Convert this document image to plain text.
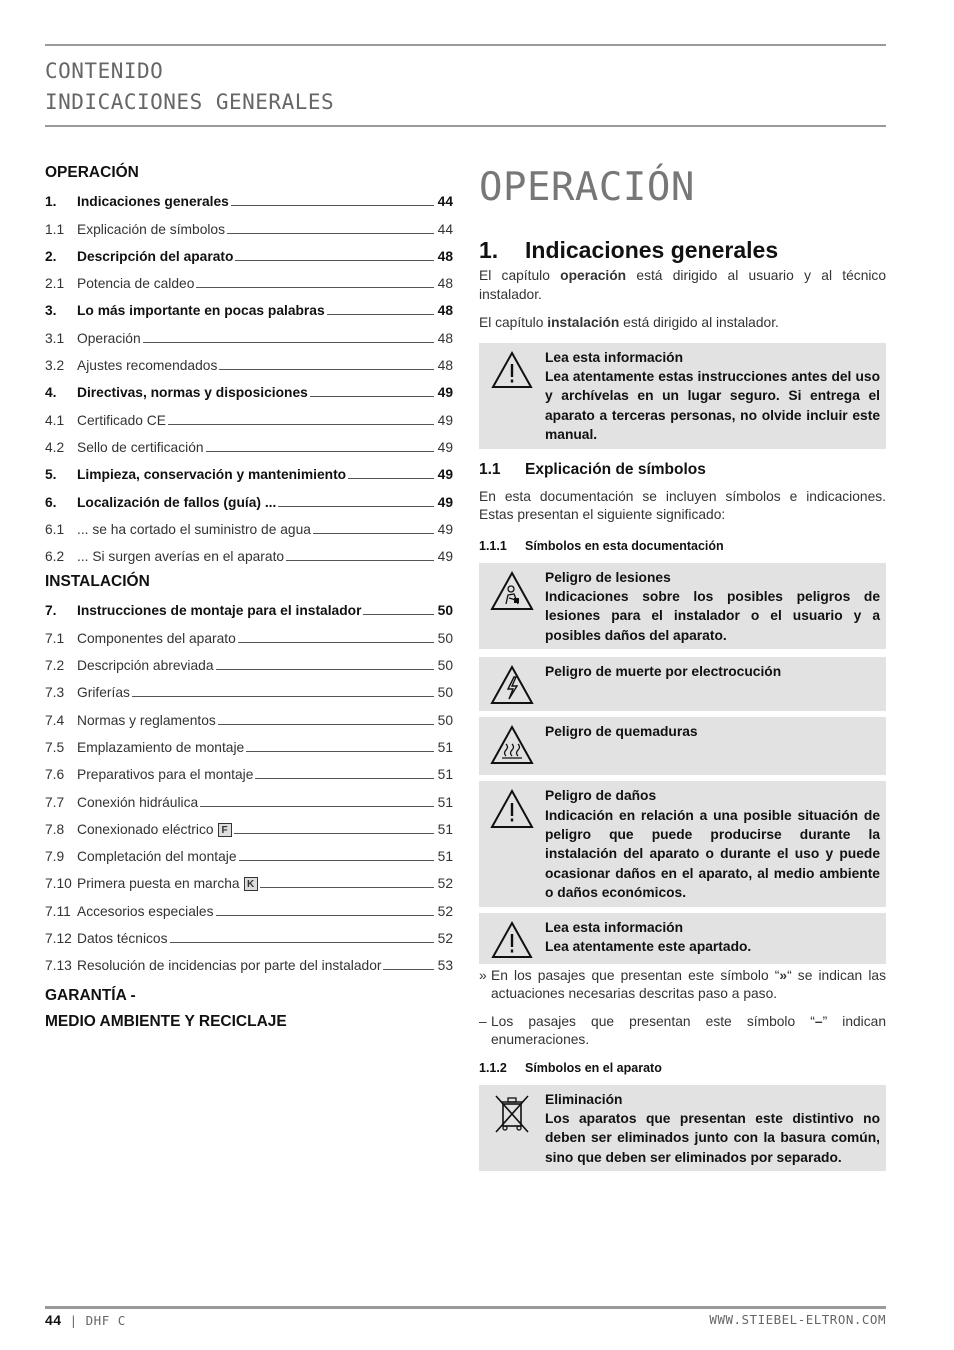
CONTENIDO
INDICACIONES GENERALES
OPERACIÓN
1.	Indicaciones generales	44
1.1 Explicación de símbolos	44
2.	Descripción del aparato	48
2.1 Potencia de caldeo	48
3.	Lo más importante en pocas palabras	48
3.1 Operación	48
3.2 Ajustes recomendados	48
4.	Directivas, normas y disposiciones	49
4.1 Certificado CE	49
4.2 Sello de certificación	49
5.	Limpieza, conservación y mantenimiento	49
6.	Localización de fallos (guía) ...	49
6.1 ... se ha cortado el suministro de agua	49
6.2 ... Si surgen averías en el aparato	49
INSTALACIÓN
7.	Instrucciones de montaje para el instalador	50
7.1 Componentes del aparato	50
7.2 Descripción abreviada	50
7.3 Griferías	50
7.4 Normas y reglamentos	50
7.5 Emplazamiento de montaje	51
7.6 Preparativos para el montaje	51
7.7 Conexión hidráulica	51
7.8 Conexionado eléctrico F	51
7.9 Completación del montaje	51
7.10 Primera puesta en marcha K	52
7.11 Accesorios especiales	52
7.12 Datos técnicos	52
7.13 Resolución de incidencias por parte del instalador	53
GARANTÍA -
MEDIO AMBIENTE Y RECICLAJE
OPERACIÓN
1. Indicaciones generales

El capítulo operación está dirigido al usuario y al técnico instalador.

El capítulo instalación está dirigido al instalador.

Lea esta información
Lea atentamente estas instrucciones antes del uso y archívelas en un lugar seguro. Si entrega el aparato a terceras personas, no olvide incluir este manual.
1.1 Explicación de símbolos

En esta documentación se incluyen símbolos e indicaciones. Estas presentan el siguiente significado:

1.1.1 Símbolos en esta documentación
Peligro de lesiones
Indicaciones sobre los posibles peligros de lesiones para el instalador o el usuario y a posibles daños del aparato.
Peligro de muerte por electrocución
Peligro de quemaduras
Peligro de daños
Indicación en relación a una posible situación de peligro que puede producirse durante la instalación del aparato o durante el uso y puede ocasionar daños en el aparato, al medio ambiente o daños económicos.
Lea esta información
Lea atentamente este apartado.
» En los pasajes que presentan este símbolo “»“ se indican las actuaciones necesarias descritas paso a paso.
– Los pasajes que presentan este símbolo “–” indican enumeraciones.
1.1.2 Símbolos en el aparato
Eliminación
Los aparatos que presentan este distintivo no deben ser eliminados junto con la basura común, sino que deben ser eliminados por separado.
44 | DHF C	WWW.STIEBEL-ELTRON.COM
